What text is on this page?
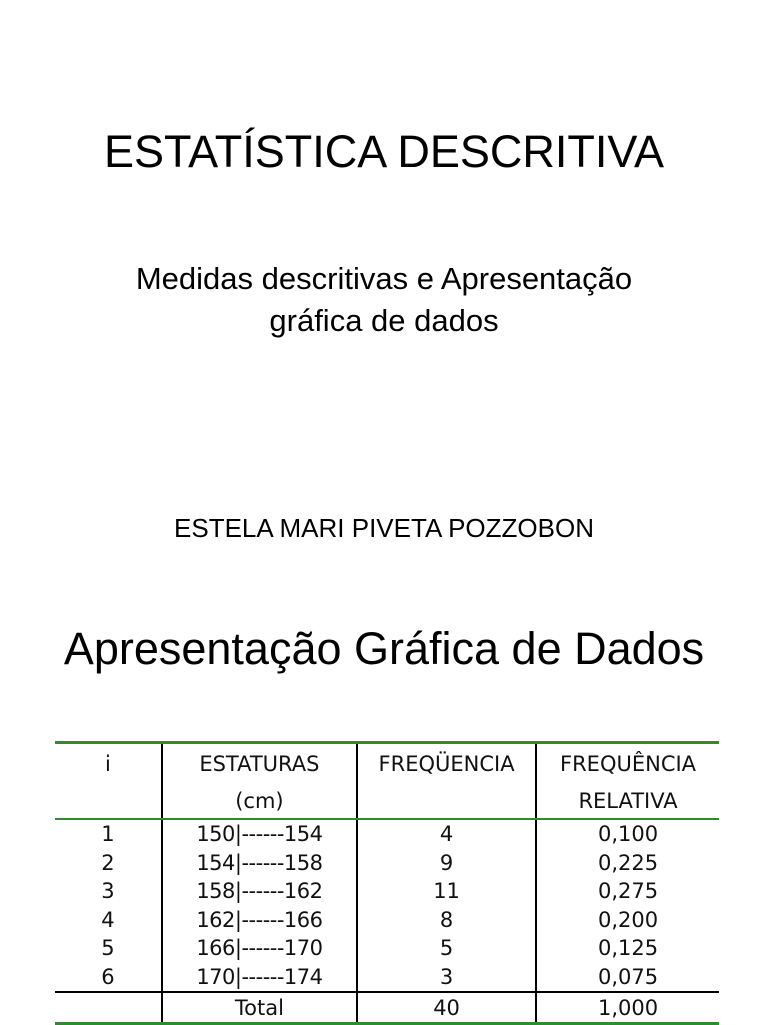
ESTATÍSTICA DESCRITIVA
Medidas descritivas e Apresentação
gráfica de dados
ESTELA MARI PIVETA POZZOBON
Apresentação Gráfica de Dados
i	ESTATURAS	FREQÜENCIA	FREQUÊNCIA
	(cm)		RELATIVA
1	150|------154	4	0,100
2	154|------158	9	0,225
3	158|------162	11	0,275
4	162|------166	8	0,200
5	166|------170	5	0,125
6	170|------174	3	0,075
	Total	40	1,000
